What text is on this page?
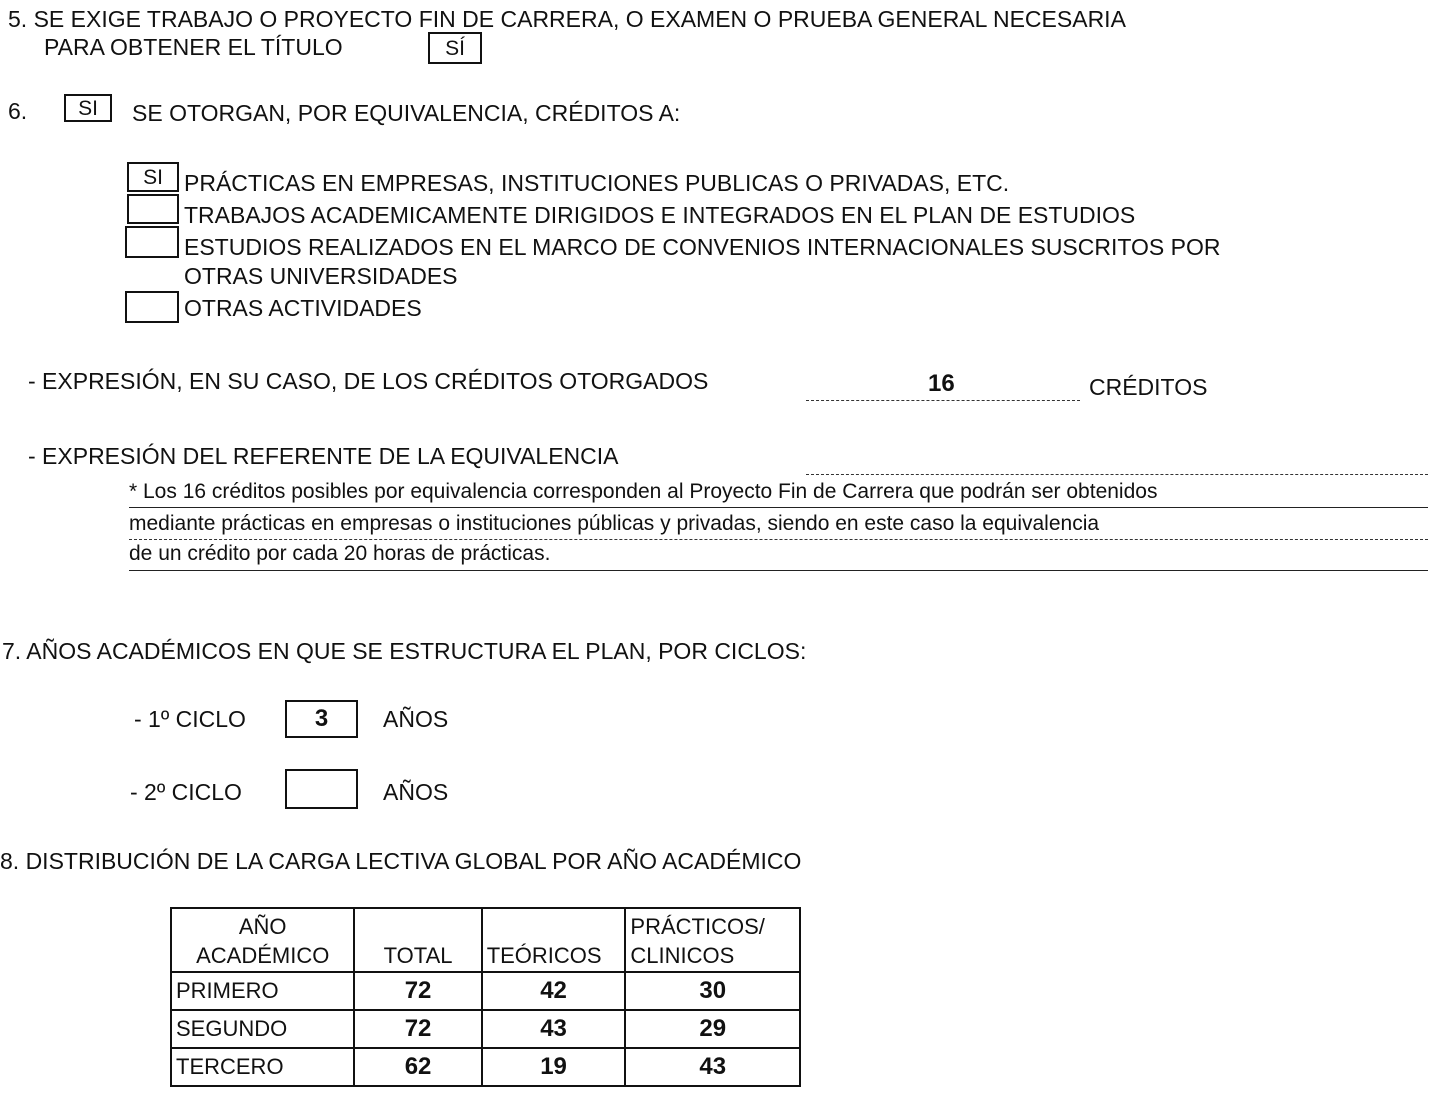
5. SE EXIGE TRABAJO O PROYECTO FIN DE CARRERA, O EXAMEN O PRUEBA GENERAL NECESARIA
PARA OBTENER EL TÍTULO	SÍ
6.	SI	SE OTORGAN, POR EQUIVALENCIA, CRÉDITOS A:
SI PRÁCTICAS EN EMPRESAS, INSTITUCIONES PUBLICAS O PRIVADAS, ETC.
TRABAJOS ACADEMICAMENTE DIRIGIDOS E INTEGRADOS EN EL PLAN DE ESTUDIOS
ESTUDIOS REALIZADOS EN EL MARCO DE CONVENIOS INTERNACIONALES SUSCRITOS POR
OTRAS UNIVERSIDADES
OTRAS ACTIVIDADES
- EXPRESIÓN, EN SU CASO, DE LOS CRÉDITOS OTORGADOS	16	CRÉDITOS
- EXPRESIÓN DEL REFERENTE DE LA EQUIVALENCIA
* Los 16 créditos posibles por equivalencia corresponden al Proyecto Fin de Carrera que podrán ser obtenidos
mediante prácticas en empresas o instituciones públicas y privadas, siendo en este caso la equivalencia
de un crédito por cada 20 horas de prácticas.
7. AÑOS ACADÉMICOS EN QUE SE ESTRUCTURA EL PLAN, POR CICLOS:
- 1º CICLO	3	AÑOS
- 2º CICLO	AÑOS
8. DISTRIBUCIÓN DE LA CARGA LECTIVA GLOBAL POR AÑO ACADÉMICO
AÑO
ACADÉMICO	TOTAL	TEÓRICOS	PRÁCTICOS/
CLINICOS
PRIMERO	72	42	30
SEGUNDO	72	43	29
TERCERO	62	19	43
